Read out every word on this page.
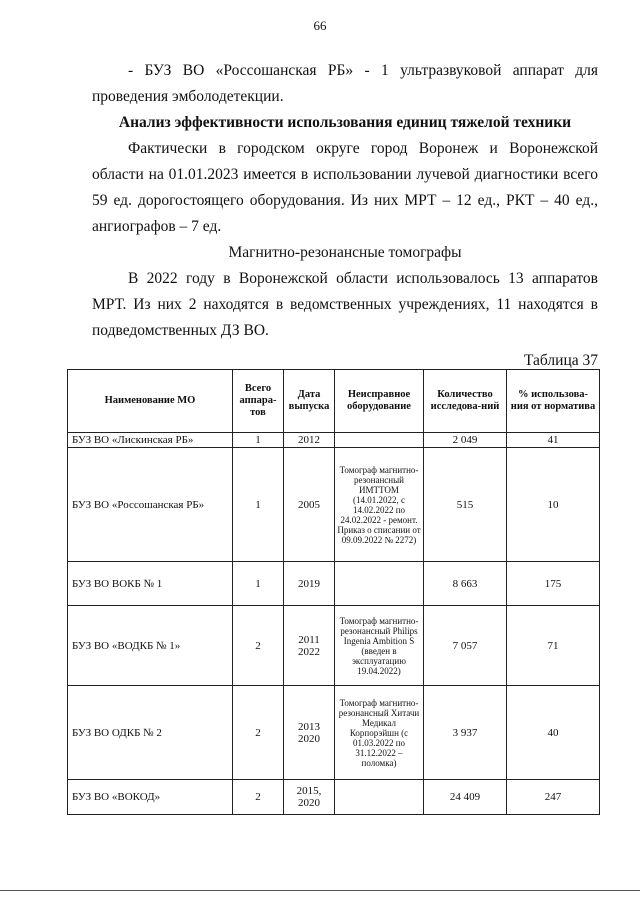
66

- БУЗ ВО «Россошанская РБ» - 1 ультразвуковой аппарат для проведения эмболодетекции.

Анализ эффективности использования единиц тяжелой техники

Фактически в городском округе город Воронеж и Воронежской области на 01.01.2023 имеется в использовании лучевой диагностики всего 59 ед. дорогостоящего оборудования. Из них МРТ – 12 ед., РКТ – 40 ед., ангиографов – 7 ед.

Магнитно-резонансные томографы

В 2022 году в Воронежской области использовалось 13 аппаратов МРТ. Из них 2 находятся в ведомственных учреждениях, 11 находятся в подведомственных ДЗ ВО.

Таблица 37

Наименование МО	Всего аппара-тов	Дата выпуска	Неисправное оборудование	Количество исследова-ний	% использова-ния от норматива
БУЗ ВО «Лискинская РБ»	1	2012		2 049	41
БУЗ ВО «Россошанская РБ»	1	2005	Томограф магнитно-резонансный ИМТТОМ (14.01.2022, с 14.02.2022 по 24.02.2022 - ремонт. Приказ о списании от 09.09.2022 № 2272)	515	10
БУЗ ВО ВОКБ № 1	1	2019		8 663	175
БУЗ ВО «ВОДКБ № 1»	2	2011 2022	Томограф магнитно-резонансный Philips Ingenia Ambition S (введен в эксплуатацию 19.04.2022)	7 057	71
БУЗ ВО ОДКБ № 2	2	2013 2020	Томограф магнитно-резонансный Хитачи Медикал Корпорэйшн (с 01.03.2022 по 31.12.2022 – поломка)	3 937	40
БУЗ ВО «ВОКОД»	2	2015, 2020		24 409	247
